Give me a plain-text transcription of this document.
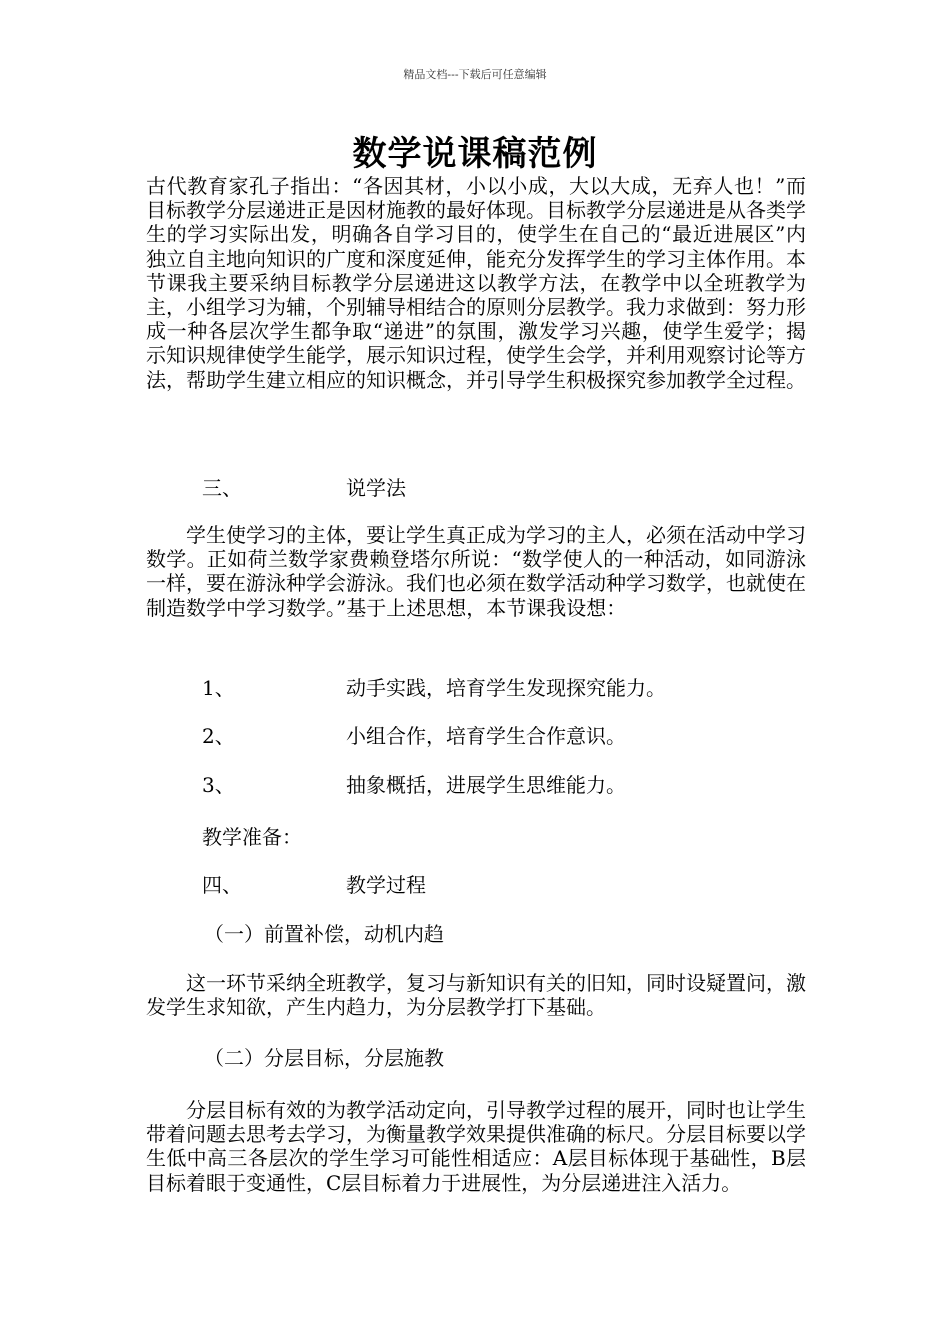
精品文档---下载后可任意编辑
数学说课稿范例

古代教育家孔子指出：“各因其材，小以小成，大以大成，无弃人也！”而目标教学分层递进正是因材施教的最好体现。目标教学分层递进是从各类学生的学习实际出发，明确各自学习目的，使学生在自己的“最近进展区”内独立自主地向知识的广度和深度延伸，能充分发挥学生的学习主体作用。本节课我主要采纳目标教学分层递进这以教学方法，在教学中以全班教学为主，小组学习为辅，个别辅导相结合的原则分层教学。我力求做到：努力形成一种各层次学生都争取“递进”的氛围，激发学习兴趣，使学生爱学；揭示知识规律使学生能学，展示知识过程，使学生会学，并利用观察讨论等方法，帮助学生建立相应的知识概念，并引导学生积极探究参加教学全过程。

三、	说学法

　　学生使学习的主体，要让学生真正成为学习的主人，必须在活动中学习数学。正如荷兰数学家费赖登塔尔所说：“数学使人的一种活动，如同游泳一样，要在游泳种学会游泳。我们也必须在数学活动种学习数学，也就使在制造数学中学习数学。”基于上述思想，本节课我设想：

1、	动手实践，培育学生发现探究能力。
2、	小组合作，培育学生合作意识。
3、	抽象概括，进展学生思维能力。
教学准备：
四、	教学过程
（一）前置补偿，动机内趋

　　这一环节采纳全班教学，复习与新知识有关的旧知，同时设疑置问，激发学生求知欲，产生内趋力，为分层教学打下基础。

（二）分层目标，分层施教

　　分层目标有效的为教学活动定向，引导教学过程的展开，同时也让学生带着问题去思考去学习，为衡量教学效果提供准确的标尺。分层目标要以学生低中高三各层次的学生学习可能性相适应：A层目标体现于基础性，B层目标着眼于变通性，C层目标着力于进展性，为分层递进注入活力。
